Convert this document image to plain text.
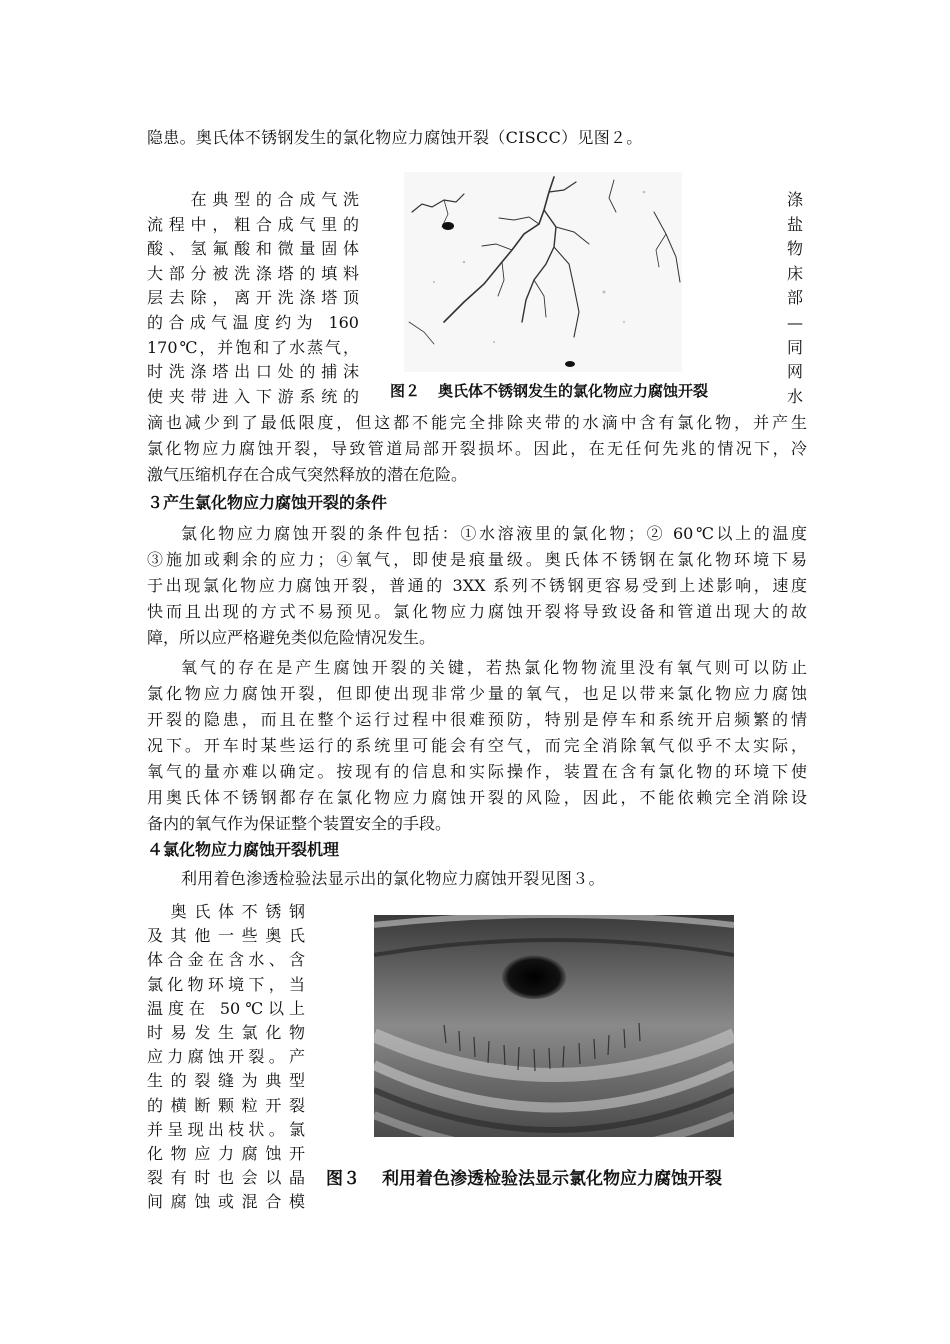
隐患。奥氏体不锈钢发生的氯化物应力腐蚀开裂（CISCC）见图２。
　　在典型的合成气洗
流程中，粗合成气里的
酸、氢氟酸和微量固体
大部分被洗涤塔的填料
层去除，离开洗涤塔顶
的合成气温度约为 160
170℃，并饱和了水蒸气，
时洗涤塔出口处的捕沫
使夹带进入下游系统的 图２ 奥氏体不锈钢发生的氯化物应力腐蚀开裂
涤
盐
物
床
部
—
同
网
水
滴也减少到了最低限度，但这都不能完全排除夹带的水滴中含有氯化物，并产生
氯化物应力腐蚀开裂，导致管道局部开裂损坏。因此，在无任何先兆的情况下，冷
激气压缩机存在合成气突然释放的潜在危险。
３产生氯化物应力腐蚀开裂的条件
氯化物应力腐蚀开裂的条件包括：①水溶液里的氯化物；② 60℃以上的温度
③施加或剩余的应力；④氧气，即使是痕量级。奥氏体不锈钢在氯化物环境下易
于出现氯化物应力腐蚀开裂，普通的 3XX 系列不锈钢更容易受到上述影响，速度
快而且出现的方式不易预见。氯化物应力腐蚀开裂将导致设备和管道出现大的故
障，所以应严格避免类似危险情况发生。
氧气的存在是产生腐蚀开裂的关键，若热氯化物物流里没有氧气则可以防止
氯化物应力腐蚀开裂，但即使出现非常少量的氧气，也足以带来氯化物应力腐蚀
开裂的隐患，而且在整个运行过程中很难预防，特别是停车和系统开启频繁的情
况下。开车时某些运行的系统里可能会有空气，而完全消除氧气似乎不太实际，
氧气的量亦难以确定。按现有的信息和实际操作，装置在含有氯化物的环境下使
用奥氏体不锈钢都存在氯化物应力腐蚀开裂的风险，因此，不能依赖完全消除设
备内的氧气作为保证整个装置安全的手段。
４氯化物应力腐蚀开裂机理
利用着色渗透检验法显示出的氯化物应力腐蚀开裂见图３。
　奥氏体不锈钢
及其他一些奥氏
体合金在含水、含
氯化物环境下，当
温度在 50℃以上
时易发生氯化物
应力腐蚀开裂。产
生的裂缝为典型
的横断颗粒开裂
并呈现出枝状。氯
化物应力腐蚀开
裂有时也会以晶
间腐蚀或混合模
图３ 利用着色渗透检验法显示氯化物应力腐蚀开裂
